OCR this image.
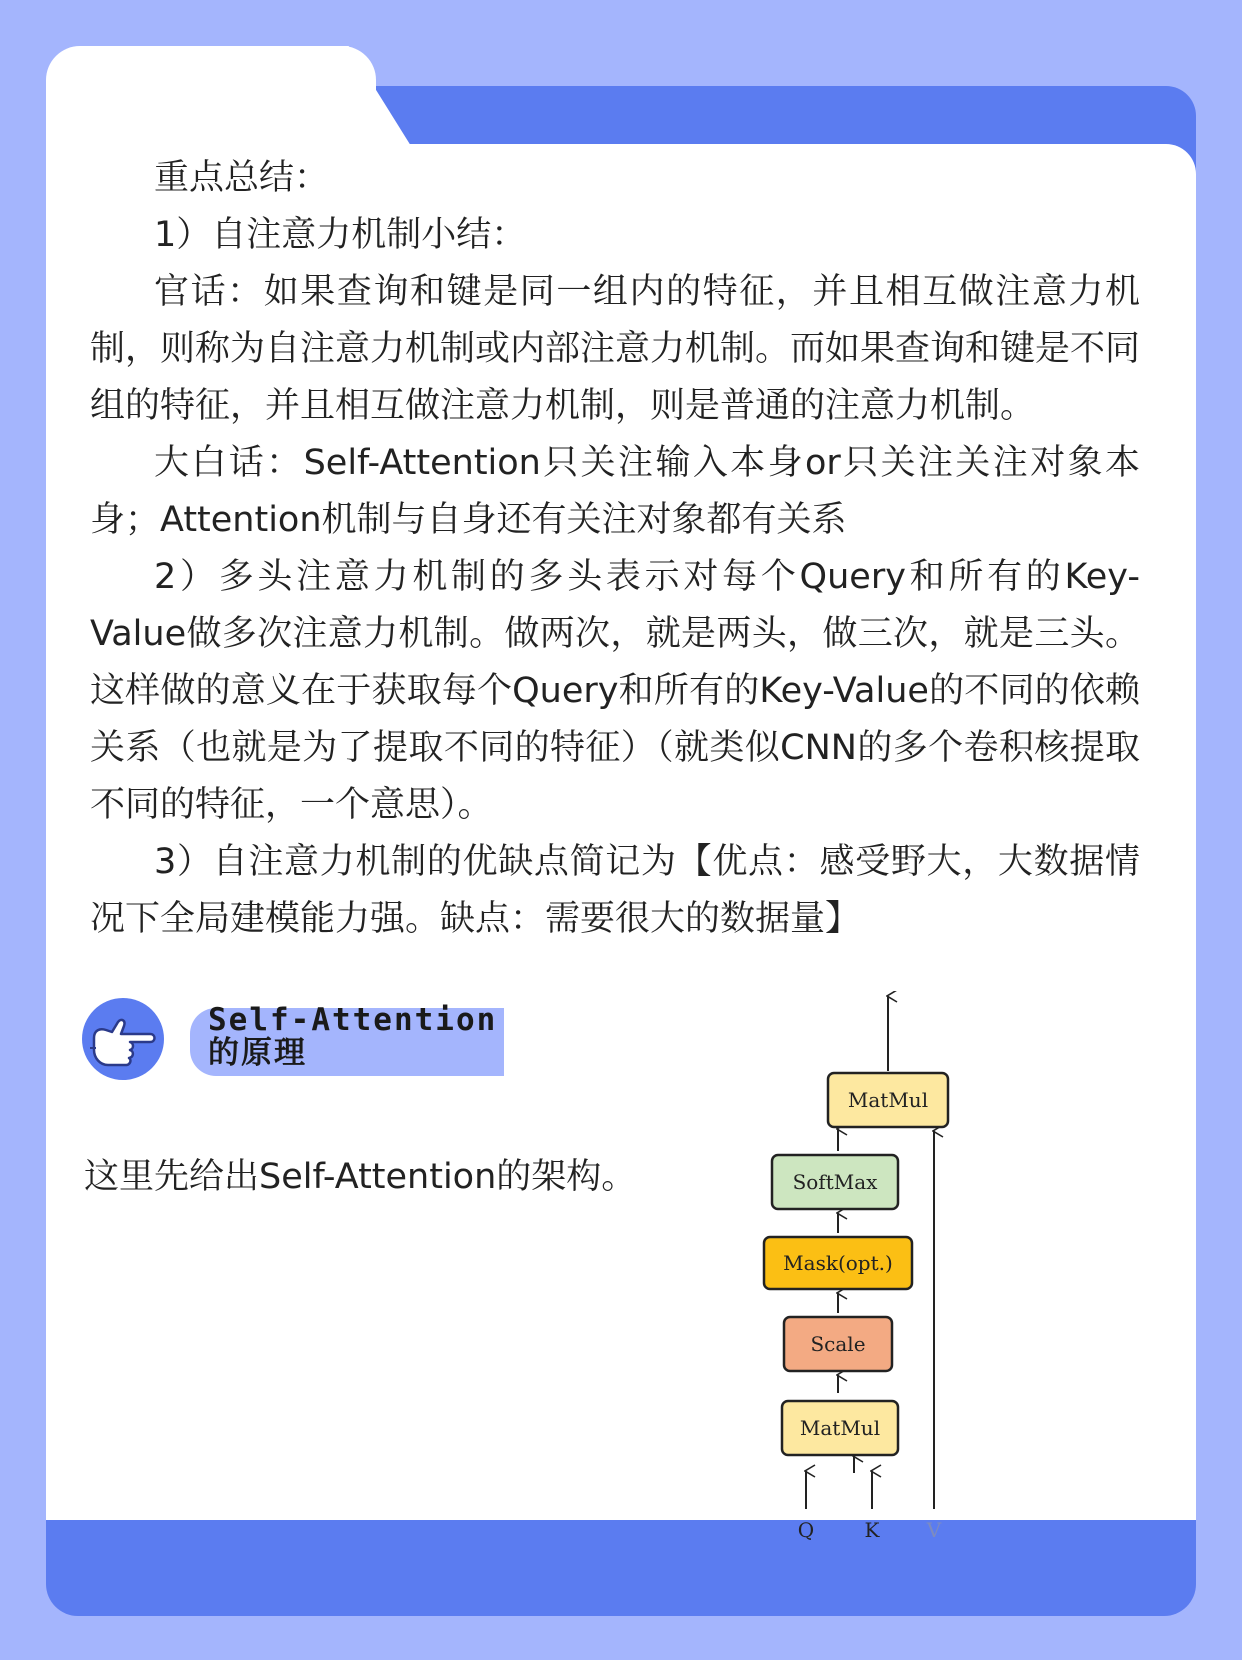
重点总结：

1）自注意力机制小结：

官话：如果查询和键是同一组内的特征，并且相互做注意力机制，则称为自注意力机制或内部注意力机制。而如果查询和键是不同组的特征，并且相互做注意力机制，则是普通的注意力机制。

大白话：Self-Attention只关注输入本身or只关注关注对象本身；Attention机制与自身还有关注对象都有关系

2）多头注意力机制的多头表示对每个Query和所有的Key-Value做多次注意力机制。做两次，就是两头，做三次，就是三头。这样做的意义在于获取每个Query和所有的Key-Value的不同的依赖关系（也就是为了提取不同的特征）（就类似CNN的多个卷积核提取不同的特征，一个意思）。

3）自注意力机制的优缺点简记为【优点：感受野大，大数据情况下全局建模能力强。缺点：需要很大的数据量】

Self-Attention
的原理
这里先给出Self-Attention的架构。
MatMul
SoftMax
Mask(opt.)
Scale
MatMul
Q	K V
